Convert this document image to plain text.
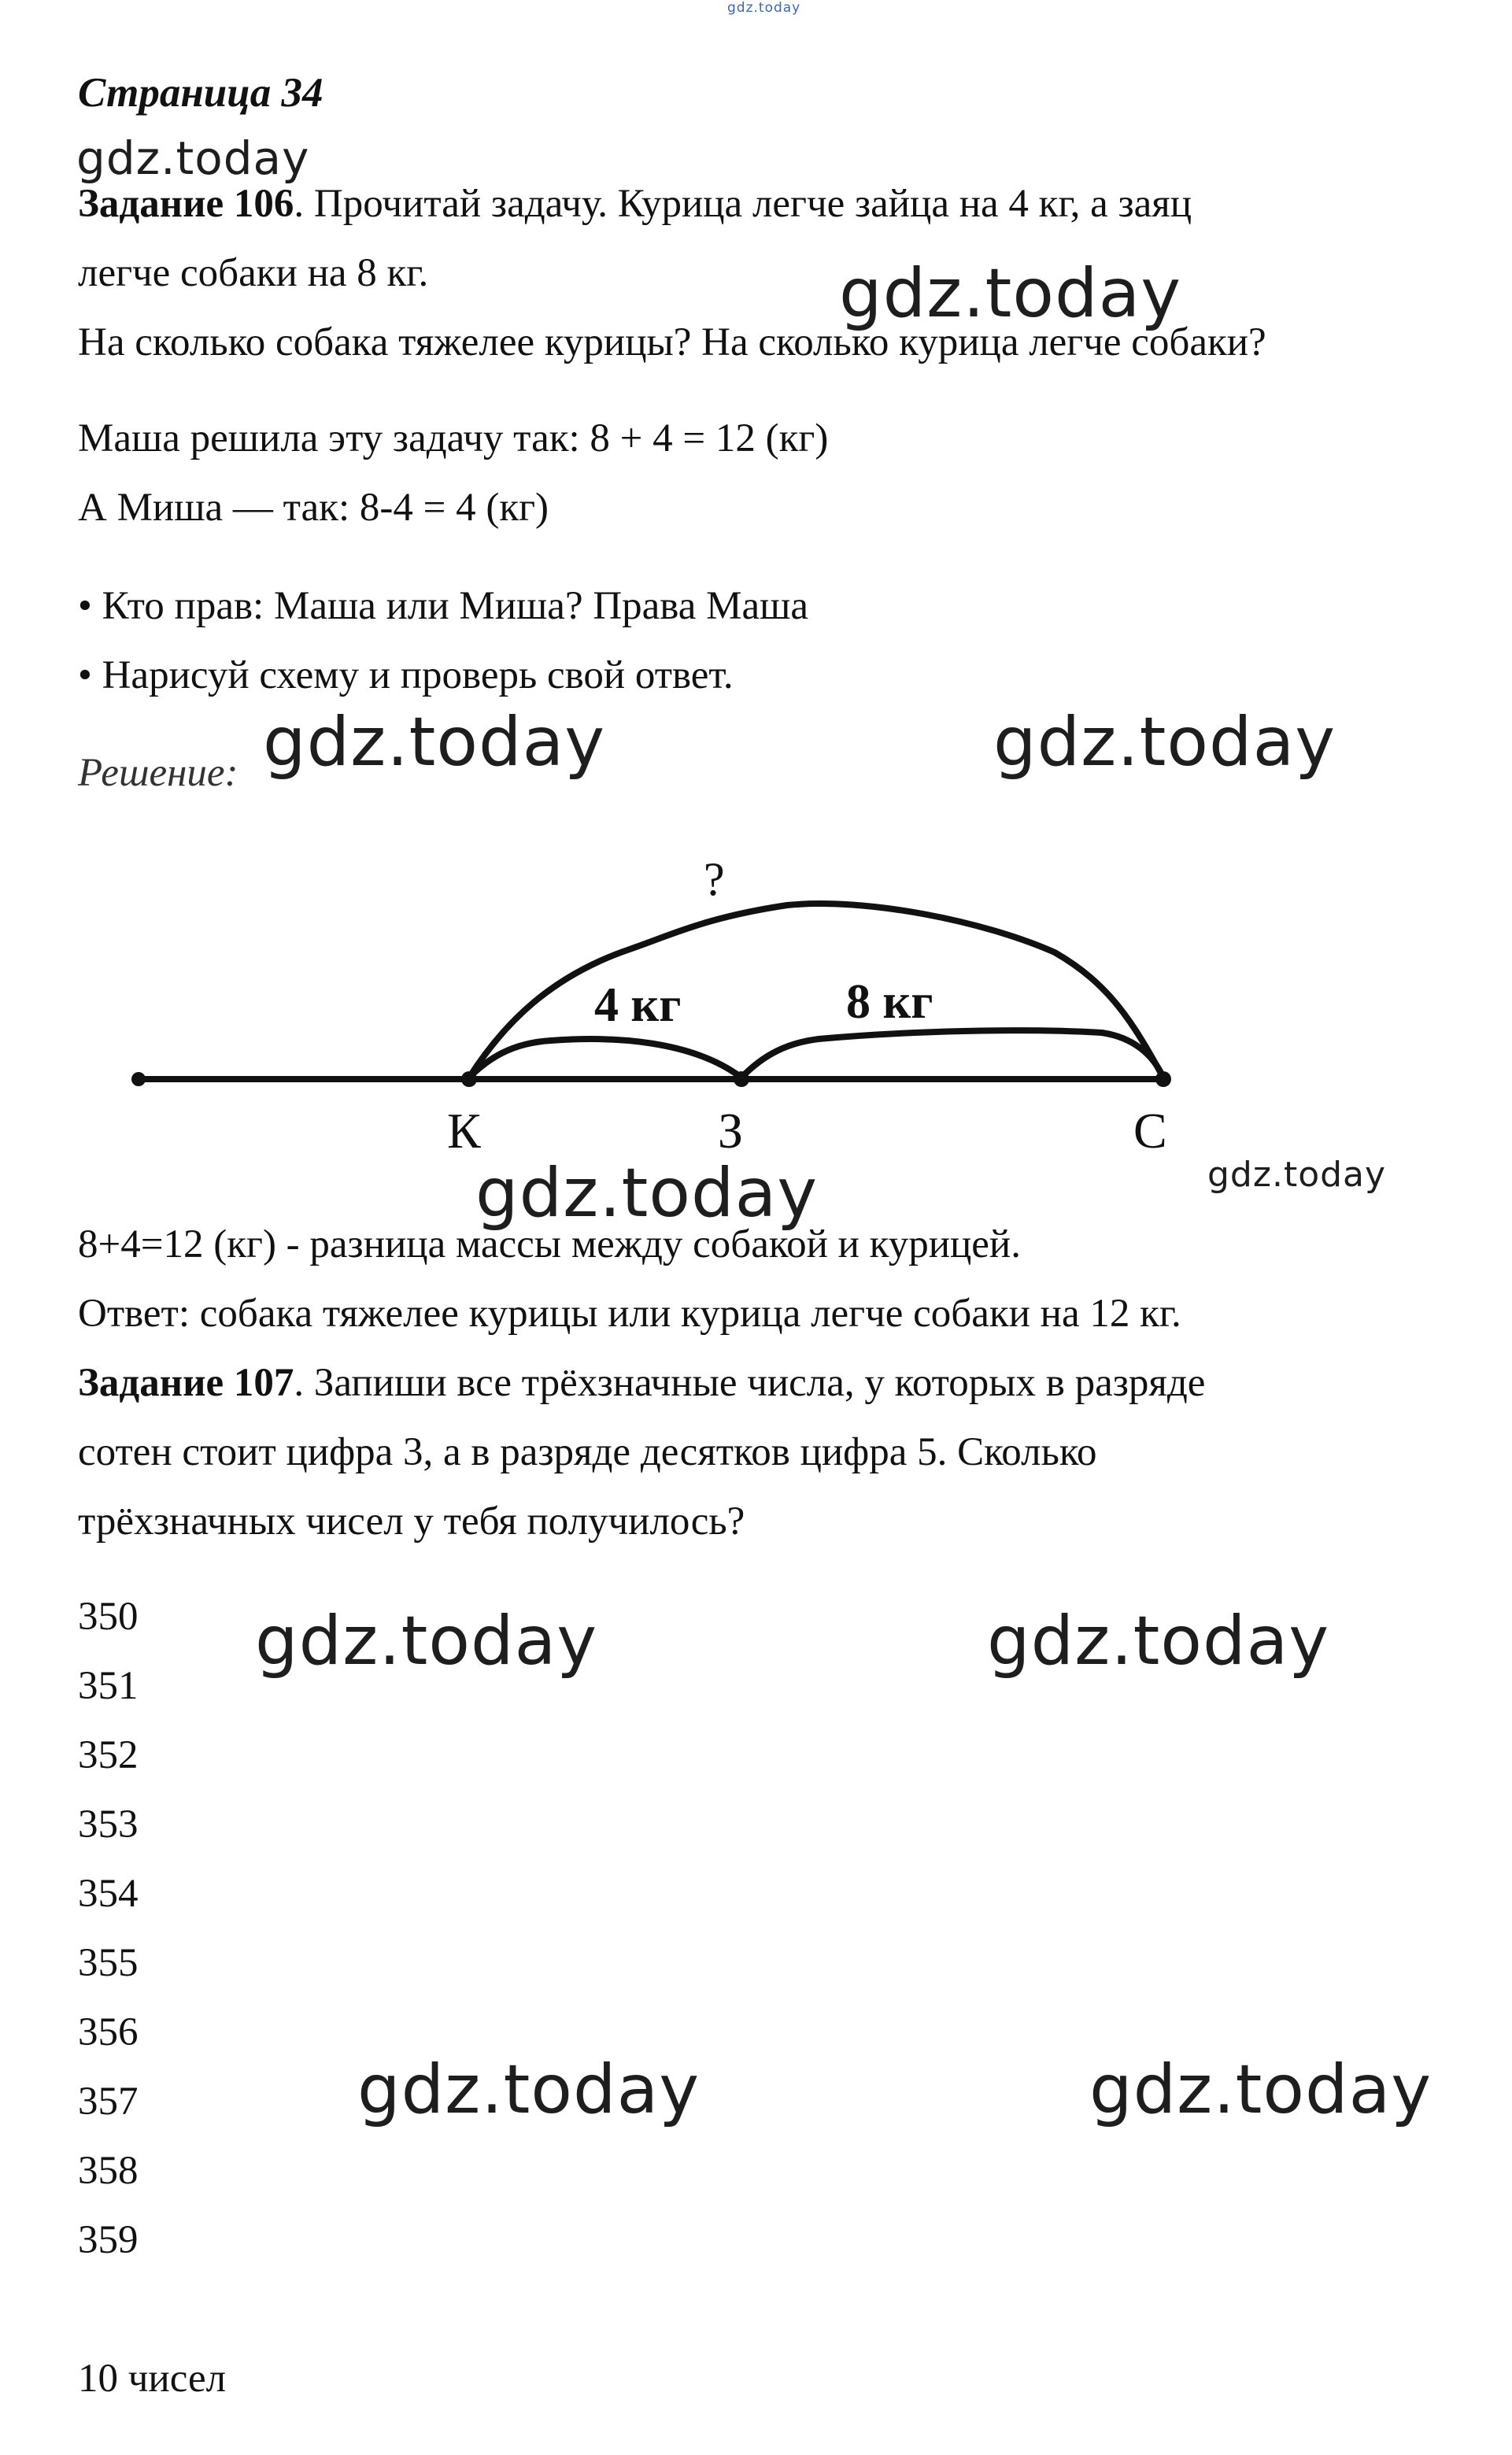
gdz.today
Страница 34
gdz.today
Задание 106. Прочитай задачу. Курица легче зайца на 4 кг, а заяц
легче собаки на 8 кг.
На сколько собака тяжелее курицы? На сколько курица легче собаки?
gdz.today
Маша решила эту задачу так: 8 + 4 = 12 (кг)
А Миша — так: 8-4 = 4 (кг)
• Кто прав: Маша или Миша? Права Маша
• Нарисуй схему и проверь свой ответ.
Решение: gdz.today	gdz.today
?
4 кг	8 кг
К	З	С
gdz.today	gdz.today
8+4=12 (кг) - разница массы между собакой и курицей.
Ответ: собака тяжелее курицы или курица легче собаки на 12 кг.
Задание 107. Запиши все трёхзначные числа, у которых в разряде
сотен стоит цифра 3, а в разряде десятков цифра 5. Сколько
трёхзначных чисел у тебя получилось?
gdz.today	gdz.today
gdz.today	gdz.today
350
351
352
353
354
355
356
357
358
359
10 чисел
